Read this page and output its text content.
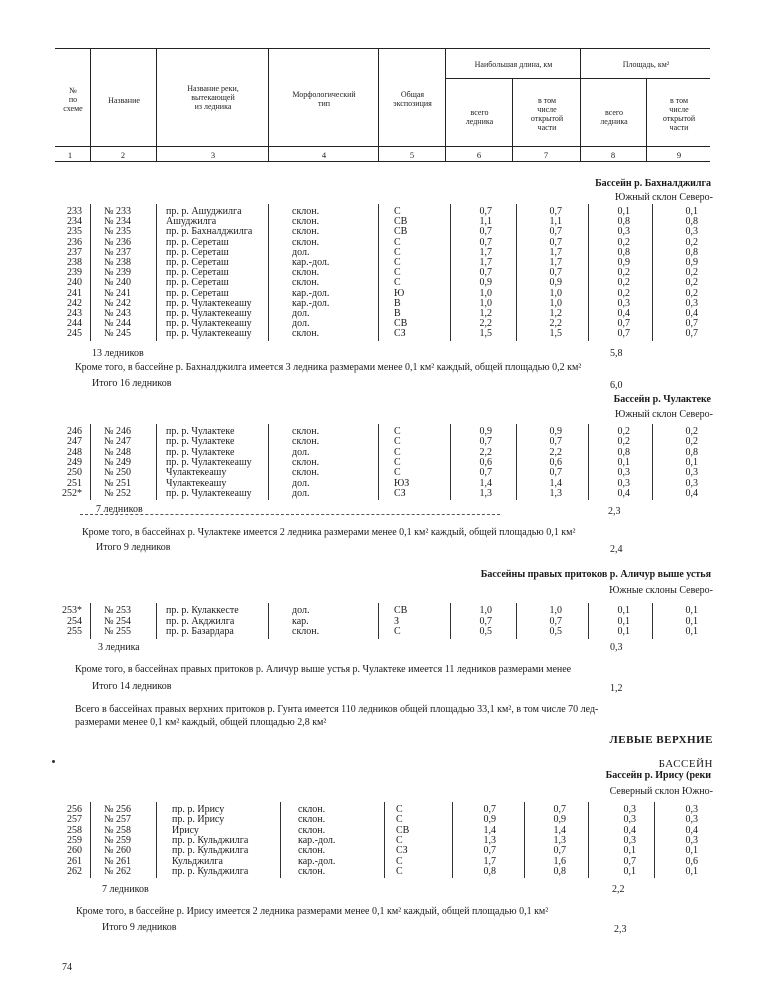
№
по
схеме
Название
Название реки,
вытекающей
из ледника
Морфологический
тип
Общая
экспозиция
Наибольшая длина, км	Площадь, км²
всего
ледника
в том
числе
открытой
части
всего
ледника
в том
числе
открытой
части
1	2	3	4	5	6	7	8	9
Бассейн р. Бахналджилга
Южный склон Северо-
233 № 233	пр. р. Ашуджилга	склон.	С	0,7	0,7	0,1	0,1
234 № 234	Ашуджилга	склон.	СВ	1,1	1,1	0,8	0,8
235 № 235	пр. р. Бахналджилга	склон.	СВ	0,7	0,7	0,3	0,3
236 № 236	пр. р. Сереташ	склон.	С	0,7	0,7	0,2	0,2
237 № 237	пр. р. Сереташ	дол.	С	1,7	1,7	0,8	0,8
238 № 238	пр. р. Сереташ	кар.-дол.	С	1,7	1,7	0,9	0,9
239 № 239	пр. р. Сереташ	склон.	С	0,7	0,7	0,2	0,2
240 № 240	пр. р. Сереташ	склон.	С	0,9	0,9	0,2	0,2
241 № 241	пр. р. Сереташ	кар.-дол.	Ю	1,0	1,0	0,2	0,2
242 № 242	пр. р. Чулактекеашу	кар.-дол.	В	1,0	1,0	0,3	0,3
243 № 243	пр. р. Чулактекеашу	дол.	В	1,2	1,2	0,4	0,4
244 № 244	пр. р. Чулактекеашу	дол.	СВ	2,2	2,2	0,7	0,7
245 № 245	пр. р. Чулактекеашу	склон.	СЗ	1,5	1,5	0,7	0,7
13 ледников	5,8
Кроме того, в бассейне р. Бахналджилга имеется 3 ледника размерами менее 0,1 км² каждый, общей площадью 0,2 км²
Итого 16 ледников	6,0
Бассейн р. Чулактеке
Южный склон Северо-
246 № 246	пр. р. Чулактеке	склон.	С	0,9	0,9	0,2	0,2
247 № 247	пр. р. Чулактеке	склон.	С	0,7	0,7	0,2	0,2
248 № 248	пр. р. Чулактеке	дол.	С	2,2	2,2	0,8	0,8
249 № 249	пр. р. Чулактекеашу	склон.	С	0,6	0,6	0,1	0,1
250 № 250	Чулактекеашу	склон.	С	0,7	0,7	0,3	0,3
251 № 251	Чулактекеашу	дол.	ЮЗ	1,4	1,4	0,3	0,3
252* № 252	пр. р. Чулактекеашу	дол.	СЗ	1,3	1,3	0,4	0,4
7 ледников	2,3
Кроме того, в бассейнах р. Чулактеке имеется 2 ледника размерами менее 0,1 км² каждый, общей площадью 0,1 км²
Итого 9 ледников	2,4
Бассейны правых притоков р. Аличур выше устья
Южные склоны Северо-
253* № 253	пр. р. Кулаккесте	дол.	СВ	1,0	1,0	0,1	0,1
254 № 254	пр. р. Акджилга	кар.	З	0,7	0,7	0,1	0,1
255 № 255	пр. р. Базардара	склон.	С	0,5	0,5	0,1	0,1
3 ледника	0,3
Кроме того, в бассейнах правых притоков р. Аличур выше устья р. Чулактеке имеется 11 ледников размерами менее
Итого 14 ледников	1,2
Всего в бассейнах правых верхних притоков р. Гунта имеется 110 ледников общей площадью 33,1 км², в том числе 70 лед-
размерами менее 0,1 км² каждый, общей площадью 2,8 км²
ЛЕВЫЕ ВЕРХНИЕ
БАССЕЙН
Бассейн р. Ирису (реки
Северный склон Южно-
256 № 256	пр. р. Ирису	склон.	С	0,7	0,7	0,3	0,3
257 № 257	пр. р. Ирису	склон.	С	0,9	0,9	0,3	0,3
258 № 258	Ирису	склон.	СВ	1,4	1,4	0,4	0,4
259 № 259	пр. р. Кульджилга	кар.-дол.	С	1,3	1,3	0,3	0,3
260 № 260	пр. р. Кульджилга	склон.	СЗ	0,7	0,7	0,1	0,1
261 № 261	Кульджилга	кар.-дол.	С	1,7	1,6	0,7	0,6
262 № 262	пр. р. Кульджилга	склон.	С	0,8	0,8	0,1	0,1
7 ледников	2,2
Кроме того, в бассейне р. Ирису имеется 2 ледника размерами менее 0,1 км² каждый, общей площадью 0,1 км²
Итого 9 ледников	2,3
74
